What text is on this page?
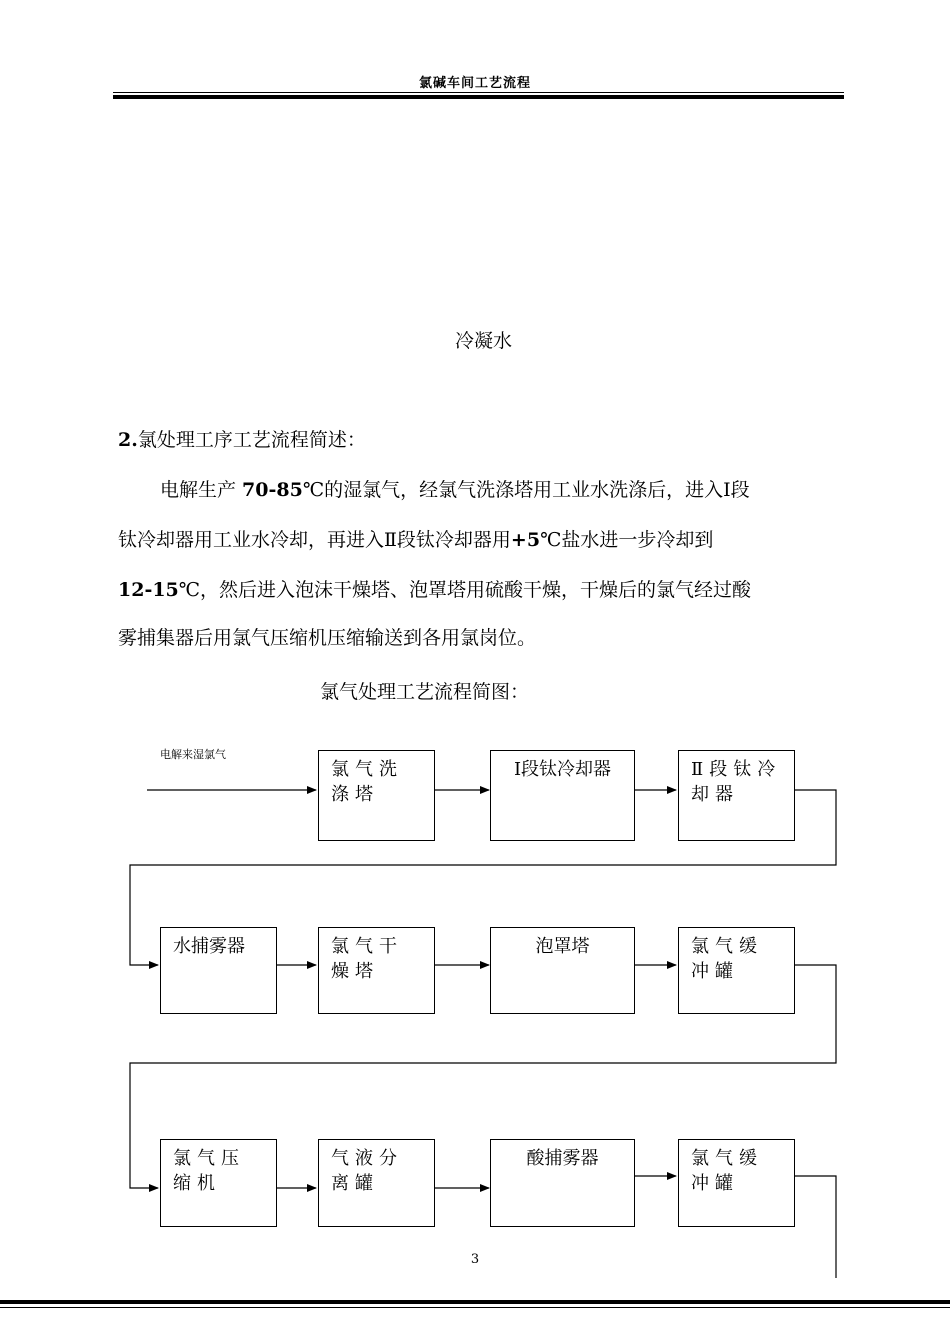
氯碱车间工艺流程
冷凝水
2.氯处理工序工艺流程简述：
电解生产 70-85℃的湿氯气，经氯气洗涤塔用工业水洗涤后，进入Ⅰ段
钛冷却器用工业水冷却，再进入Ⅱ段钛冷却器用+5℃盐水进一步冷却到
12-15℃，然后进入泡沫干燥塔、泡罩塔用硫酸干燥，干燥后的氯气经过酸
雾捕集器后用氯气压缩机压缩输送到各用氯岗位。
氯气处理工艺流程简图：
电解来湿氯气
氯气洗涤塔
Ⅰ段钛冷却器	Ⅱ段钛冷却器
水捕雾器	氯气干燥塔
泡罩塔	氯气缓冲罐
氯气压缩机
气液分离罐
酸捕雾器	氯气缓冲罐
3
